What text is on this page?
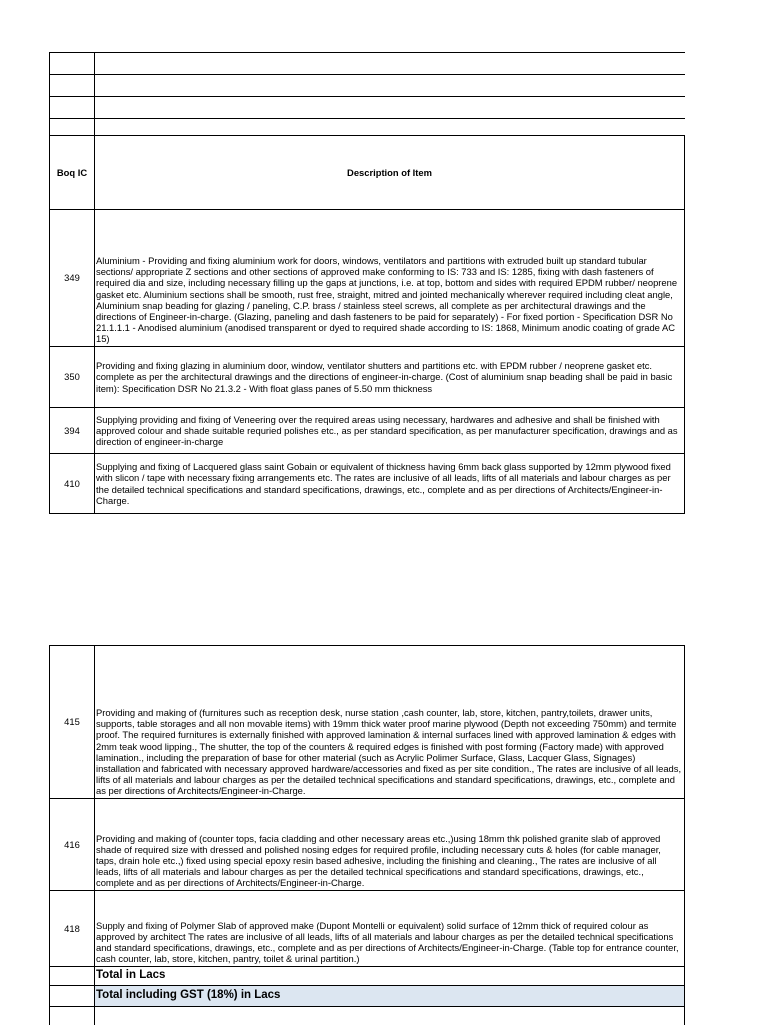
Boq IC	Description of Item
349	Aluminium - Providing and fixing aluminium work for doors, windows, ventilators and partitions with extruded built up standard tubular sections/ appropriate Z sections and other sections of approved make conforming to IS: 733 and IS: 1285, fixing with dash fasteners of required dia and size, including necessary filling up the gaps at junctions, i.e. at top, bottom and sides with required EPDM rubber/ neoprene gasket etc. Aluminium sections shall be smooth, rust free, straight, mitred and jointed mechanically wherever required including cleat angle, Aluminium snap beading for glazing / paneling, C.P. brass / stainless steel screws, all complete as per architectural drawings and the directions of Engineer-in-charge. (Glazing, paneling and dash fasteners to be paid for separately) - For fixed portion - Specification DSR No 21.1.1.1 - Anodised aluminium (anodised transparent or dyed to required shade according to IS: 1868, Minimum anodic coating of grade AC 15)
350	Providing and fixing glazing in aluminium door, window, ventilator shutters and partitions etc. with EPDM rubber / neoprene gasket etc. complete as per the architectural drawings and the directions of engineer-in-charge. (Cost of aluminium snap beading shall be paid in basic item): Specification DSR No 21.3.2 - With float glass panes of 5.50 mm thickness
394	Supplying providing and fixing of Veneering over the required areas using necessary, hardwares and adhesive and shall be finished with approved colour and shade suitable requried polishes etc., as per standard specification, as per manufacturer specification, drawings and as direction of engineer-in-charge
410	Supplying and fixing of Lacquered glass saint Gobain or equivalent of thickness having 6mm back glass supported by 12mm plywood fixed with slicon / tape with necessary fixing arrangements etc. The rates are inclusive of all leads, lifts of all materials and labour charges as per the detailed technical specifications and standard specifications, drawings, etc., complete and as per directions of Architects/Engineer-in-Charge.
415	Providing and making of (furnitures such as reception desk, nurse station ,cash counter, lab, store, kitchen, pantry,toilets, drawer units, supports, table storages and all non movable items) with 19mm thick water proof marine plywood (Depth not exceeding 750mm) and termite proof. The required furnitures is externally finished with approved lamination & internal surfaces lined with approved lamination & edges with 2mm teak wood lipping., The shutter, the top of the counters & required edges is finished with post forming (Factory made) with approved lamination., including the preparation of base for other material (such as Acrylic Polimer Surface, Glass, Lacquer Glass, Signages) installation and fabricated with necessary approved hardware/accessories and fixed as per site condition., The rates are inclusive of all leads, lifts of all materials and labour charges as per the detailed technical specifications and standard specifications, drawings, etc., complete and as per directions of Architects/Engineer-in-Charge.
416	Providing and making of (counter tops, facia cladding and other necessary areas etc.,)using 18mm thk polished granite slab of approved shade of required size with dressed and polished nosing edges for required profile, including necessary cuts & holes (for cable manager, taps, drain hole etc.,) fixed using special epoxy resin based adhesive, including the finishing and cleaning., The rates are inclusive of all leads, lifts of all materials and labour charges as per the detailed technical specifications and standard specifications, drawings, etc., complete and as per directions of Architects/Engineer-in-Charge.
418	Supply and fixing of Polymer Slab of approved make (Dupont Montelli or equivalent) solid surface of 12mm thick of required colour as approved by architect The rates are inclusive of all leads, lifts of all materials and labour charges as per the detailed technical specifications and standard specifications, drawings, etc., complete and as per directions of Architects/Engineer-in-Charge. (Table top for entrance counter, cash counter, lab, store, kitchen, pantry, toilet & urinal partition.)
	Total in Lacs
	Total including GST (18%) in Lacs
